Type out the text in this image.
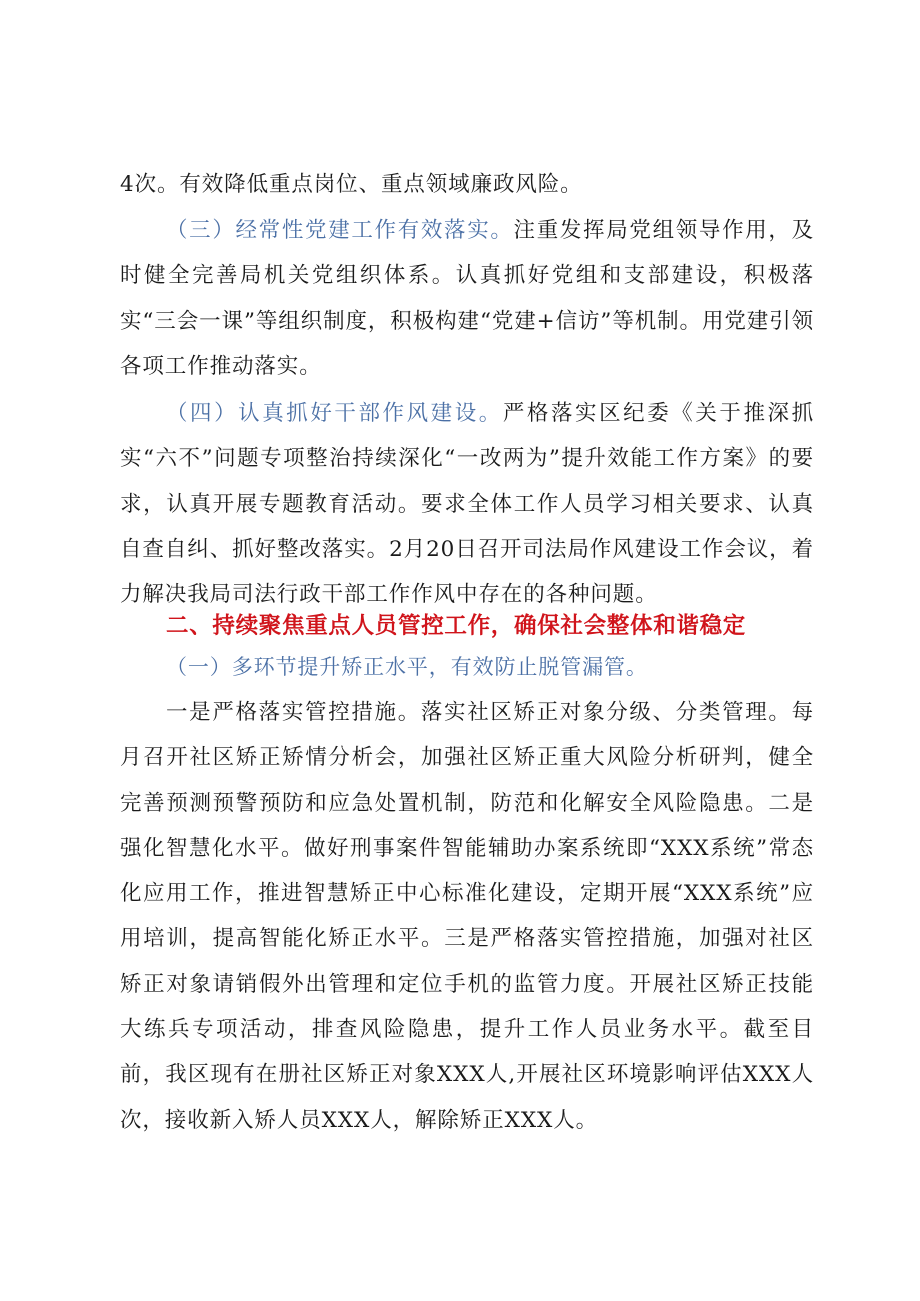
4次。有效降低重点岗位、重点领域廉政风险。

（三）经常性党建工作有效落实。注重发挥局党组领导作用，及时健全完善局机关党组织体系。认真抓好党组和支部建设，积极落实“三会一课”等组织制度，积极构建“党建+信访”等机制。用党建引领各项工作推动落实。

（四）认真抓好干部作风建设。严格落实区纪委《关于推深抓实“六不”问题专项整治持续深化“一改两为”提升效能工作方案》的要求，认真开展专题教育活动。要求全体工作人员学习相关要求、认真自查自纠、抓好整改落实。2月20日召开司法局作风建设工作会议，着力解决我局司法行政干部工作作风中存在的各种问题。

二、持续聚焦重点人员管控工作，确保社会整体和谐稳定

（一）多环节提升矫正水平，有效防止脱管漏管。

一是严格落实管控措施。落实社区矫正对象分级、分类管理。每月召开社区矫正矫情分析会，加强社区矫正重大风险分析研判，健全完善预测预警预防和应急处置机制，防范和化解安全风险隐患。二是强化智慧化水平。做好刑事案件智能辅助办案系统即“XXX系统”常态化应用工作，推进智慧矫正中心标准化建设，定期开展“XXX系统”应用培训，提高智能化矫正水平。三是严格落实管控措施，加强对社区矫正对象请销假外出管理和定位手机的监管力度。开展社区矫正技能大练兵专项活动，排查风险隐患，提升工作人员业务水平。截至目前，我区现有在册社区矫正对象XXX人,开展社区环境影响评估XXX人次，接收新入矫人员XXX人，解除矫正XXX人。
